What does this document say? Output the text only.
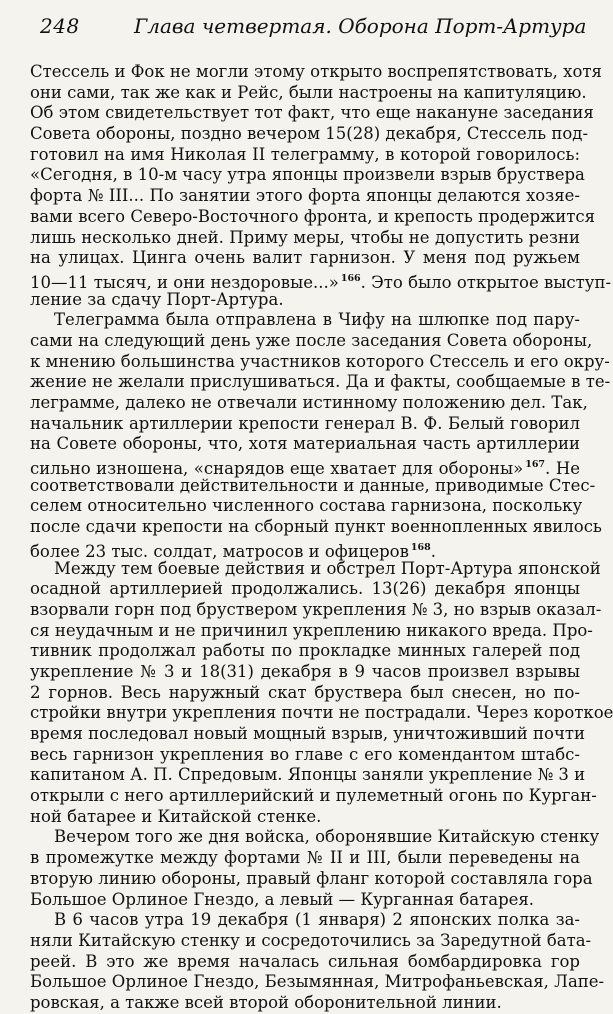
248	Глава четвертая. Оборона Порт-Артура
Стессель и Фок не могли этому открыто воспрепятствовать, хотя
они сами, так же как и Рейс, были настроены на капитуляцию.
Об этом свидетельствует тот факт, что еще накануне заседания
Совета обороны, поздно вечером 15(28) декабря, Стессель под-
готовил на имя Николая II телеграмму, в которой говорилось:
«Сегодня, в 10-м часу утра японцы произвели взрыв бруствера
форта № III... По занятии этого форта японцы делаются хозяе-
вами всего Северо-Восточного фронта, и крепость продержится
лишь несколько дней. Приму меры, чтобы не допустить резни
на улицах. Цинга очень валит гарнизон. У меня под ружьем
10—11 тысяч, и они нездоровые...» $^{166}$. Это было открытое выступ-
ление за сдачу Порт-Артура.
Телеграмма была отправлена в Чифу на шлюпке под пару-
сами на следующий день уже после заседания Совета обороны,
к мнению большинства участников которого Стессель и его окру-
жение не желали прислушиваться. Да и факты, сообщаемые в те-
леграмме, далеко не отвечали истинному положению дел. Так,
начальник артиллерии крепости генерал В. Ф. Белый говорил
на Совете обороны, что, хотя материальная часть артиллерии
сильно изношена, «снарядов еще хватает для обороны» $^{167}$. Не
соответствовали действительности и данные, приводимые Стес-
селем относительно численного состава гарнизона, поскольку
после сдачи крепости на сборный пункт военнопленных явилось
более 23 тыс. солдат, матросов и офицеров $^{168}$.
Между тем боевые действия и обстрел Порт-Артура японской
осадной артиллерией продолжались. 13(26) декабря японцы
взорвали горн под бруствером укрепления № 3, но взрыв оказал-
ся неудачным и не причинил укреплению никакого вреда. Про-
тивник продолжал работы по прокладке минных галерей под
укрепление № 3 и 18(31) декабря в 9 часов произвел взрывы
2 горнов. Весь наружный скат бруствера был снесен, но по-
стройки внутри укрепления почти не пострадали. Через короткое
время последовал новый мощный взрыв, уничтоживший почти
весь гарнизон укрепления во главе с его комендантом штабс-
капитаном А. П. Спредовым. Японцы заняли укрепление № 3 и
открыли с него артиллерийский и пулеметный огонь по Курган-
ной батарее и Китайской стенке.
Вечером того же дня войска, оборонявшие Китайскую стенку
в промежутке между фортами № II и III, были переведены на
вторую линию обороны, правый фланг которой составляла гора
Большое Орлиное Гнездо, а левый — Курганная батарея.
В 6 часов утра 19 декабря (1 января) 2 японских полка за-
няли Китайскую стенку и сосредоточились за Заредутной бата-
реей. В это же время началась сильная бомбардировка гор
Большое Орлиное Гнездо, Безымянная, Митрофаньевская, Лапе-
ровская, а также всей второй оборонительной линии.
